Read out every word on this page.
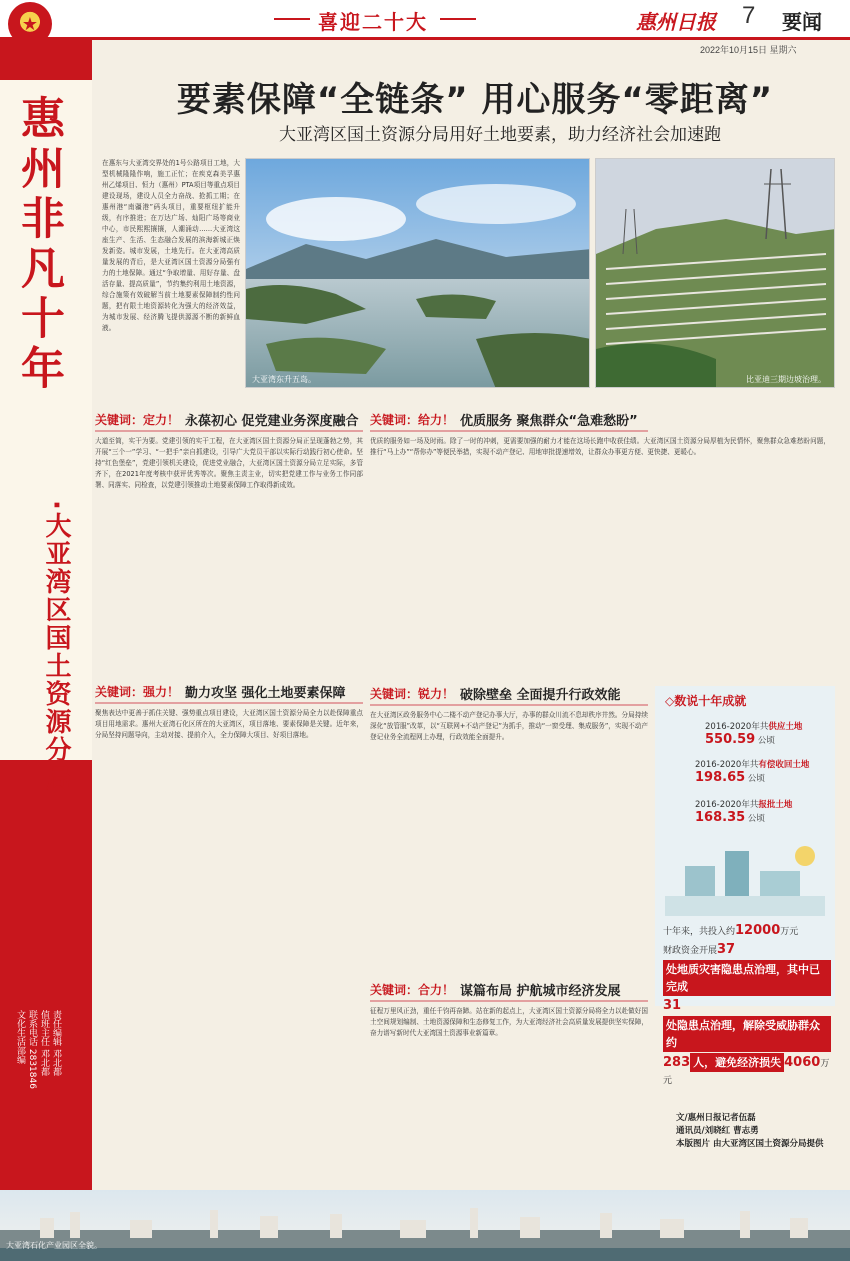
★	喜迎二十大	惠州日报 7 要闻
2022年10月15日 星期六
惠州非凡十年
·大亚湾区国土资源分局
责任编辑 邓北都
值班主任 邓北都
联系电话 2831846
文化生活部编
要素保障“全链条” 用心服务“零距离”
大亚湾区国土资源分局用好土地要素，助力经济社会加速跑
在惠东与大亚湾交界处的1号公路项目工地，大型机械隆隆作响，施工正忙；在疾克森美孚惠州乙烯项目、恒力（惠州）PTA项目等重点项目建设现场，建设人员全力奋战、抢抓工期；在惠州港“南疆港”码头项目，重要枢纽扩能升级，有序推进；在万达广场、灿阳广场等商业中心，市民熙熙攘攘，人潮涌动……大亚湾这座生产、生活、生态融合发展的滨海新城正焕发新姿。城市发展，土地先行。在大亚湾高质量发展的背后，是大亚湾区国土资源分局强有力的土地保障。通过“争取增量、用好存量、盘活存量、提高质量”，节约集约利用土地资源，综合施策有效破解当前土地要素保障制约性问题，把有限土地资源转化为强大的经济效益，为城市发展、经济腾飞提供源源不断的新鲜血液。
大亚湾东升五岛。	比亚迪三期边坡治理。
关键词：定力！ 永葆初心 促党建业务深度融合
大道至简，实干为要。党建引领的实干工程，在大亚湾区国土资源分局正呈现蓬勃之势，其开展“三个一”学习、“一把手”亲自抓建设，引导广大党员干部以实际行动践行初心使命。坚持“红色堡垒”，党建引领机关建设，促进党业融合，大亚湾区国土资源分局立足实际，多管齐下，在2021年度考核中获评优秀等次。聚焦主责主业，切实把党建工作与业务工作同部署、同落实、同检查，以党建引领推动土地要素保障工作取得新成效。
关键词：给力！ 优质服务 聚焦群众“急难愁盼”
优质的服务如一场及时雨。除了一时的冲刺，更需要加强的耐力才能在这场长跑中收获佳绩。大亚湾区国土资源分局厚植为民情怀，聚焦群众急难愁盼问题，推行“马上办”“帮你办”等便民举措，实现不动产登记、用地审批提速增效，让群众办事更方便、更快捷、更暖心。
关键词：强力！ 勤力攻坚 强化土地要素保障
聚焦表达中更善于抓住关键、强势重点项目建设，大亚湾区国土资源分局全力以赴保障重点项目用地需求。惠州大亚湾石化区所在的大亚湾区，项目落地、要素保障是关键。近年来，分局坚持问题导向，主动对接、提前介入，全力保障大项目、好项目落地。
关键词：锐力！ 破除壁垒 全面提升行政效能
在大亚湾区政务服务中心二楼不动产登记办事大厅，办事的群众川流不息却秩序井然。分局持续深化“放管服”改革，以“互联网+不动产登记”为抓手，推动“一窗受理、集成服务”，实现不动产登记业务全流程网上办理，行政效能全面提升。
关键词：合力！ 谋篇布局 护航城市经济发展
征程万里风正劲，重任千钧再奋蹄。站在新的起点上，大亚湾区国土资源分局将全力以赴做好国土空间规划编制、土地资源保障和生态修复工作，为大亚湾经济社会高质量发展提供坚实保障，奋力谱写新时代大亚湾国土资源事业新篇章。
◇数说十年成就
2016-2020年共供应土地
550.59 公顷
2016-2020年共有偿收回土地
198.65 公顷
2016-2020年共报批土地
168.35 公顷
十年来，共投入约12000万元
财政资金开展37处地质灾害隐患点治理，其中已完成31处隐患点治理，解除受威胁群众约283 人，避免经济损失 4060万元
文/惠州日报记者伍磊
通讯员/刘晓红 曹志勇
本版图片 由大亚湾区国土资源分局提供
大亚湾石化产业园区全貌。
